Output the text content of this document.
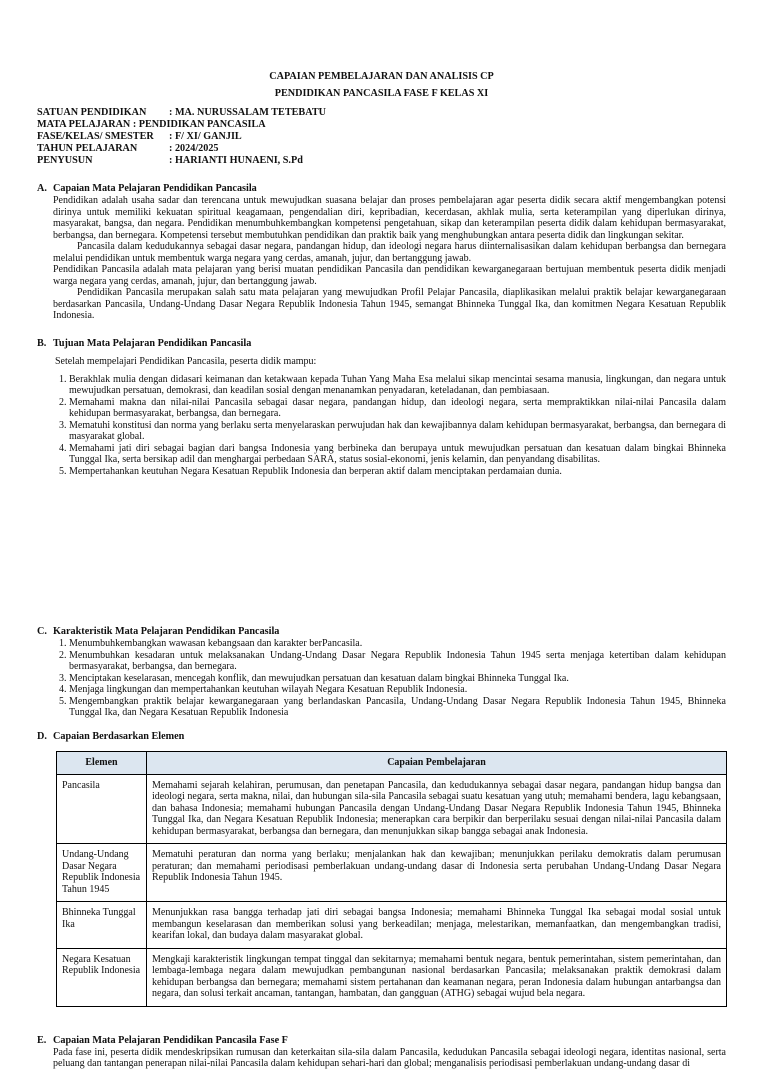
CAPAIAN PEMBELAJARAN DAN ANALISIS CP
PENDIDIKAN PANCASILA FASE F KELAS XI
SATUAN PENDIDIKAN	: MA. NURUSSALAM TETEBATU
MATA PELAJARAN : PENDIDIKAN PANCASILA
FASE/KELAS/ SMESTER	: F/ XI/ GANJIL
TAHUN PELAJARAN	: 2024/2025
PENYUSUN	: HARIANTI HUNAENI, S.Pd
A. Capaian Mata Pelajaran Pendidikan Pancasila
Pendidikan adalah usaha sadar dan terencana untuk mewujudkan suasana belajar dan proses pembelajaran agar peserta didik secara aktif mengembangkan potensi dirinya untuk memiliki kekuatan spiritual keagamaan, pengendalian diri, kepribadian, kecerdasan, akhlak mulia, serta keterampilan yang diperlukan dirinya, masyarakat, bangsa, dan negara. Pendidikan menumbuhkembangkan kompetensi pengetahuan, sikap dan keterampilan peserta didik dalam kehidupan bermasyarakat, berbangsa, dan bernegara. Kompetensi tersebut membutuhkan pendidikan dan praktik baik yang menghubungkan antara peserta didik dan lingkungan sekitar.
Pancasila dalam kedudukannya sebagai dasar negara, pandangan hidup, dan ideologi negara harus diinternalisasikan dalam kehidupan berbangsa dan bernegara melalui pendidikan untuk membentuk warga negara yang cerdas, amanah, jujur, dan bertanggung jawab.
Pendidikan Pancasila adalah mata pelajaran yang berisi muatan pendidikan Pancasila dan pendidikan kewarganegaraan bertujuan membentuk peserta didik menjadi warga negara yang cerdas, amanah, jujur, dan bertanggung jawab.
Pendidikan Pancasila merupakan salah satu mata pelajaran yang mewujudkan Profil Pelajar Pancasila, diaplikasikan melalui praktik belajar kewarganegaraan berdasarkan Pancasila, Undang-Undang Dasar Negara Republik Indonesia Tahun 1945, semangat Bhinneka Tunggal Ika, dan komitmen Negara Kesatuan Republik Indonesia.
B. Tujuan Mata Pelajaran Pendidikan Pancasila
Setelah mempelajari Pendidikan Pancasila, peserta didik mampu:
1. Berakhlak mulia dengan didasari keimanan dan ketakwaan kepada Tuhan Yang Maha Esa melalui sikap mencintai sesama manusia, lingkungan, dan negara untuk mewujudkan persatuan, demokrasi, dan keadilan sosial dengan menanamkan penyadaran, keteladanan, dan pembiasaan.
2. Memahami makna dan nilai-nilai Pancasila sebagai dasar negara, pandangan hidup, dan ideologi negara, serta mempraktikkan nilai-nilai Pancasila dalam kehidupan bermasyarakat, berbangsa, dan bernegara.
3. Mematuhi konstitusi dan norma yang berlaku serta menyelaraskan perwujudan hak dan kewajibannya dalam kehidupan bermasyarakat, berbangsa, dan bernegara di masyarakat global.
4. Memahami jati diri sebagai bagian dari bangsa Indonesia yang berbineka dan berupaya untuk mewujudkan persatuan dan kesatuan dalam bingkai Bhinneka Tunggal Ika, serta bersikap adil dan menghargai perbedaan SARA, status sosial-ekonomi, jenis kelamin, dan penyandang disabilitas.
5. Mempertahankan keutuhan Negara Kesatuan Republik Indonesia dan berperan aktif dalam menciptakan perdamaian dunia.
C. Karakteristik Mata Pelajaran Pendidikan Pancasila
1. Menumbuhkembangkan wawasan kebangsaan dan karakter berPancasila.
2. Menumbuhkan kesadaran untuk melaksanakan Undang-Undang Dasar Negara Republik Indonesia Tahun 1945 serta menjaga ketertiban dalam kehidupan bermasyarakat, berbangsa, dan bernegara.
3. Menciptakan keselarasan, mencegah konflik, dan mewujudkan persatuan dan kesatuan dalam bingkai Bhinneka Tunggal Ika.
4. Menjaga lingkungan dan mempertahankan keutuhan wilayah Negara Kesatuan Republik Indonesia.
5. Mengembangkan praktik belajar kewarganegaraan yang berlandaskan Pancasila, Undang-Undang Dasar Negara Republik Indonesia Tahun 1945, Bhinneka Tunggal Ika, dan Negara Kesatuan Republik Indonesia
D. Capaian Berdasarkan Elemen
Elemen	Capaian Pembelajaran
Pancasila	Memahami sejarah kelahiran, perumusan, dan penetapan Pancasila, dan kedudukannya sebagai dasar negara, pandangan hidup bangsa dan ideologi negara, serta makna, nilai, dan hubungan sila-sila Pancasila sebagai suatu kesatuan yang utuh; memahami bendera, lagu kebangsaan, dan bahasa Indonesia; memahami hubungan Pancasila dengan Undang-Undang Dasar Negara Republik Indonesia Tahun 1945, Bhinneka Tunggal Ika, dan Negara Kesatuan Republik Indonesia; menerapkan cara berpikir dan berperilaku sesuai dengan nilai-nilai Pancasila dalam kehidupan bermasyarakat, berbangsa dan bernegara, dan menunjukkan sikap bangga sebagai anak Indonesia.
Undang-Undang Dasar Negara Republik Indonesia Tahun 1945	Mematuhi peraturan dan norma yang berlaku; menjalankan hak dan kewajiban; menunjukkan perilaku demokratis dalam perumusan peraturan; dan memahami periodisasi pemberlakuan undang-undang dasar di Indonesia serta perubahan Undang-Undang Dasar Negara Republik Indonesia Tahun 1945.
Bhinneka Tunggal Ika	Menunjukkan rasa bangga terhadap jati diri sebagai bangsa Indonesia; memahami Bhinneka Tunggal Ika sebagai modal sosial untuk membangun keselarasan dan memberikan solusi yang berkeadilan; menjaga, melestarikan, memanfaatkan, dan mengembangkan tradisi, kearifan lokal, dan budaya dalam masyarakat global.
Negara Kesatuan Republik Indonesia	Mengkaji karakteristik lingkungan tempat tinggal dan sekitarnya; memahami bentuk negara, bentuk pemerintahan, sistem pemerintahan, dan lembaga-lembaga negara dalam mewujudkan pembangunan nasional berdasarkan Pancasila; melaksanakan praktik demokrasi dalam kehidupan berbangsa dan bernegara; memahami sistem pertahanan dan keamanan negara, peran Indonesia dalam hubungan antarbangsa dan negara, dan solusi terkait ancaman, tantangan, hambatan, dan gangguan (ATHG) sebagai wujud bela negara.
E. Capaian Mata Pelajaran Pendidikan Pancasila Fase F
Pada fase ini, peserta didik mendeskripsikan rumusan dan keterkaitan sila-sila dalam Pancasila, kedudukan Pancasila sebagai ideologi negara, identitas nasional, serta peluang dan tantangan penerapan nilai-nilai Pancasila dalam kehidupan sehari-hari dan global; menganalisis periodisasi pemberlakuan undang-undang dasar di
